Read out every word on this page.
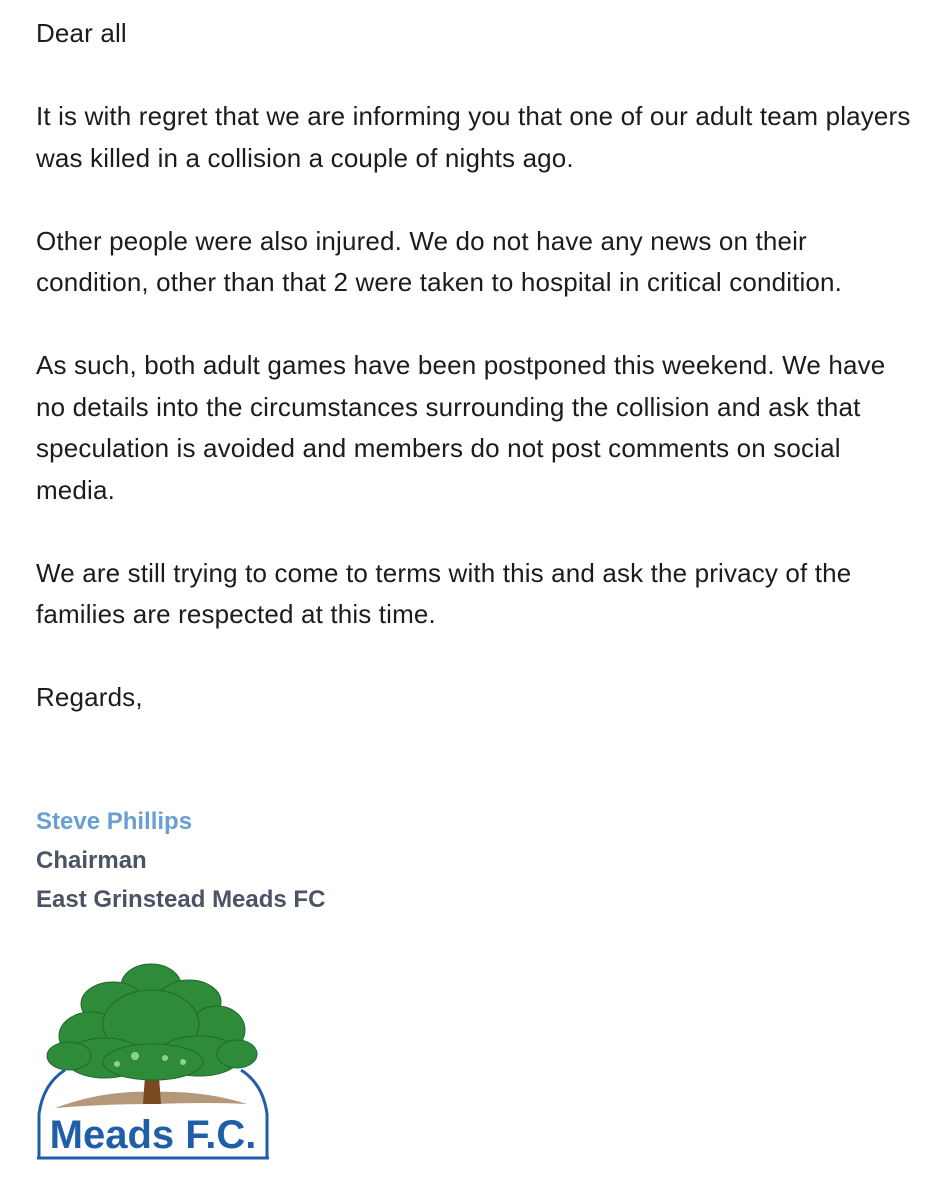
Dear all

It is with regret that we are informing you that one of our adult team players was killed in a collision a couple of nights ago.

Other people were also injured. We do not have any news on their condition, other than that 2 were taken to hospital in critical condition.

As such, both adult games have been postponed this weekend. We have no details into the circumstances surrounding the collision and ask that speculation is avoided and members do not post comments on social media.

We are still trying to come to terms with this and ask the privacy of the families are respected at this time.

Regards,

Steve Phillips
Chairman
East Grinstead Meads FC
Meads F.C.
